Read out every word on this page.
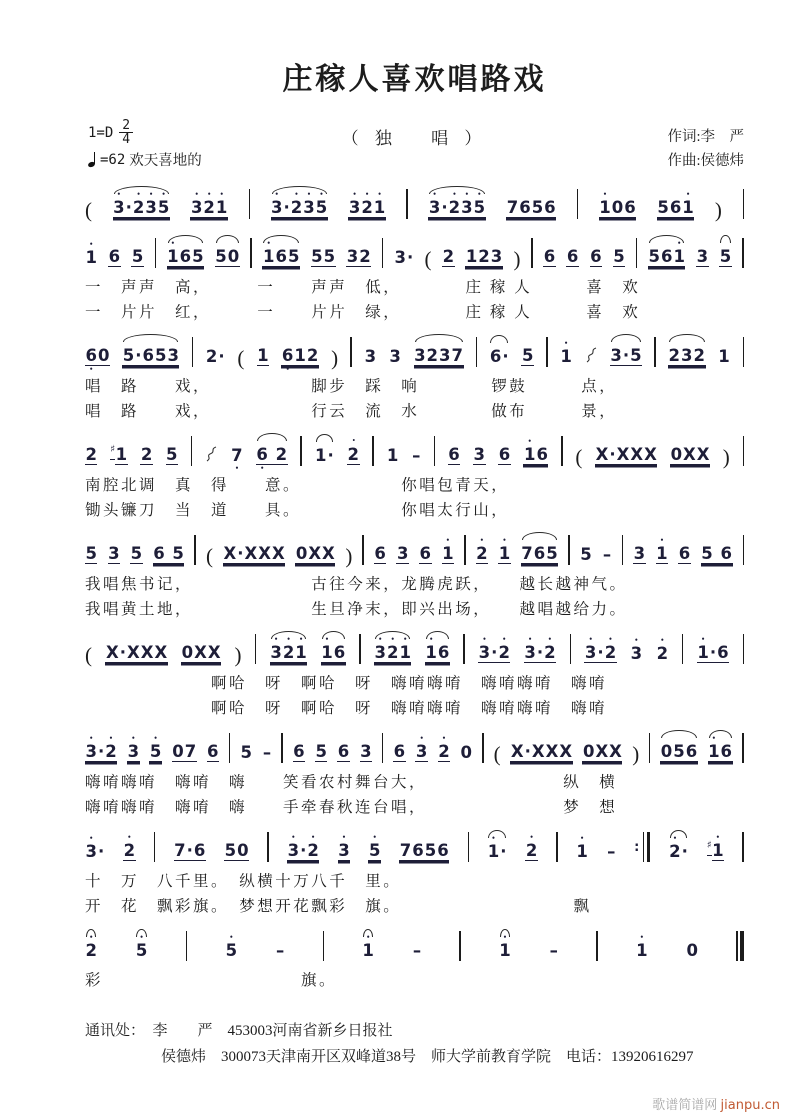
庄稼人喜欢唱路戏
（ 独　 唱 ）
$1=D \frac{2}{4}$
=62 欢天喜地的
作词:李　严
作曲:侯德炜
(
•
3 ·
•
2
•
3
•
5
•
3
•
2
•
1
•
3 ·
•
2
•
3
•
5
•
3
•
2
•
1
•
3 ·
•
2
•
3
•
5 7 6 5 6
•
1 0 6 5 6
•
1 )
•
1 6 5
•
1 6 5 5 0
•
1 6 5 5 5 3 2 3 · ( 2 1 2 3 ) 6 6 6 5 5 6
•
1 3 5
一　声声　高，　　　一　　声声　低，　　　　庄 稼 人　　　喜　欢
一　片片　红，　　　一　　片片　绿，　　　　庄 稼 人　　　喜　欢
6
•
0 5 · 6 5 3 2 · ( 1 6
•
1 2 ) 3 3 3 2 3 7 6 · 5
•
1 3 · 5 2 3 2 1
唱　路　　戏，　　　　　　脚步　踩　响　　　　锣鼓　　　点，
唱　路　　戏，　　　　　　行云　流　水　　　　做布　　　景，
2 ♯ 1 2 5	7
•
6
•

2 1 ·
•
2 1 – 6 3 6
•
1 6 ( X · X X X 0 X X )
南腔北调　真　得　　意。　　　　　　你唱包青天，
锄头镰刀　当　道　　具。　　　　　　你唱太行山，
5 3 5 6
5 ( X · X X X 0 X X ) 6 3 6
•
1
•
2
•
1 7 6 5 5 – 3
•
1 6 5
6
我唱焦书记，　　　　　　　古往今来，龙腾虎跃，　　越长越神气。
我唱黄土地，　　　　　　　生旦净末，即兴出场，　　越唱越给力。
( X · X X X 0 X X )
•
3
•
2
•
1
•
1 6
•
3
•
2
•
1
•
1 6
•
3 ·
•
2
•
3 ·
•
2
•
3 ·
•
2
•
3
•
2
•
1 · 6
　　　　　　　啊哈　呀　啊哈　呀　嗨唷嗨唷　嗨唷嗨唷　嗨唷
　　　　　　　啊哈　呀　啊哈　呀　嗨唷嗨唷　嗨唷嗨唷　嗨唷
•
3 ·
•
2
•
3
•
5 0 7 6 5 – 6 5 6 3 6
•
3
•
2 0 ( X · X X X 0 X X ) 0 5 6
•
1 6
嗨唷嗨唷　嗨唷　嗨　　笑看农村舞台大，　　　　　　　　纵　横
嗨唷嗨唷　嗨唷　嗨　　手牵春秋连台唱，　　　　　　　　梦　想
•
3 ·
•
2 7 · 6 5 0
•
3 ·
•
2
•
3
•
5 7 6 5 6
•
1 ·
•
2
•
1 – :
•
2 · ♯
•
1
十　万　八千里。　纵横十万八千　里。
开　花　飘彩旗。　梦想开花飘彩　旗。　　　　　　　　　　飘
•
2
•
5
•
5 –
•
1 –
•
1 –
•
1 0
彩　　　　　　　　　　　旗。
通讯处：　李　　严　453003河南省新乡日报社
侯德炜　300073天津南开区双峰道38号　师大学前教育学院　电话：13920616297
歌谱简谱网 jianpu.cn
